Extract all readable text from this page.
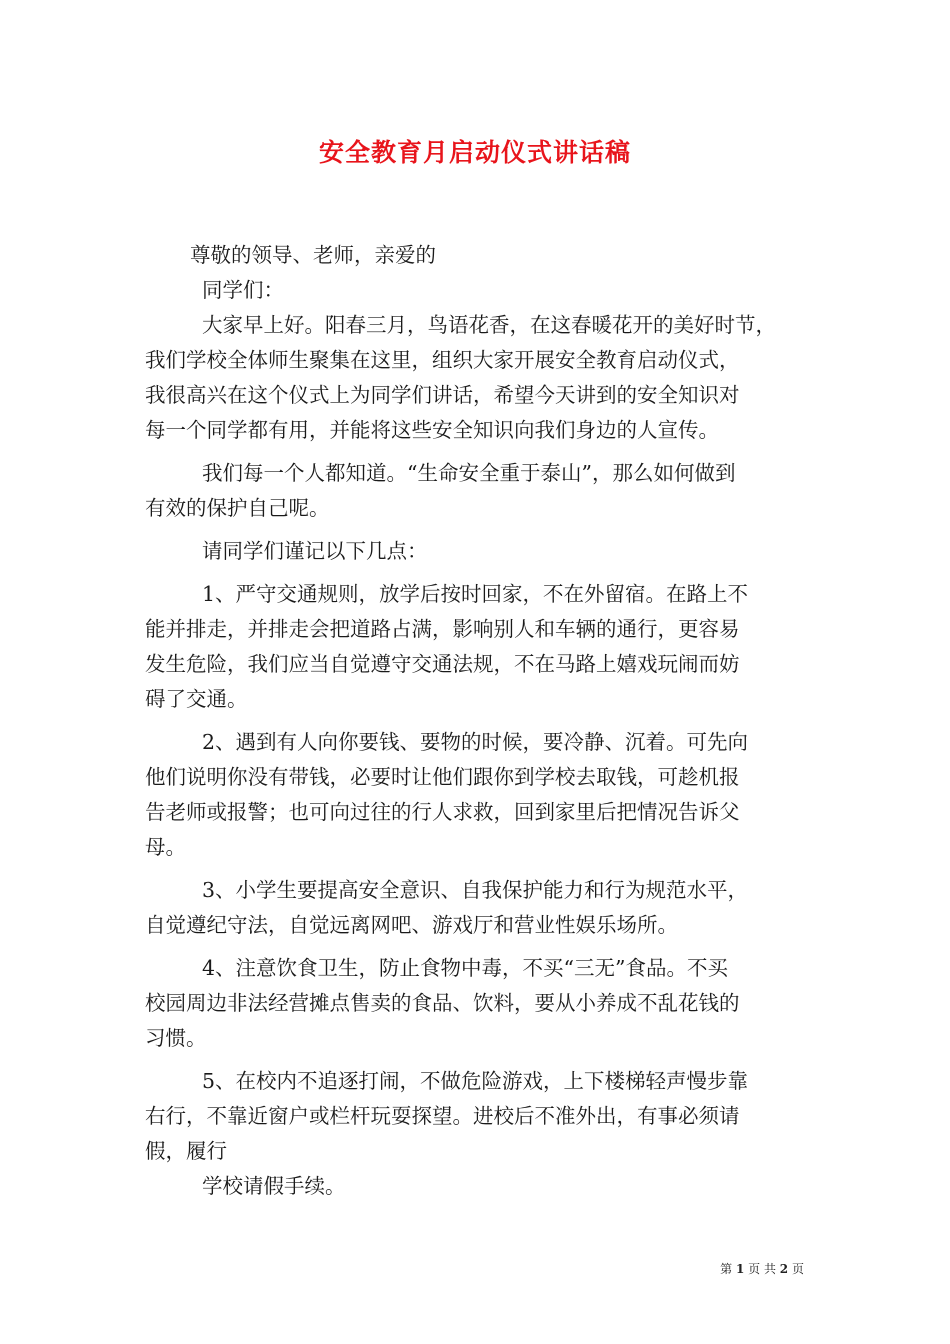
安全教育月启动仪式讲话稿
尊敬的领导、老师，亲爱的
同学们：
大家早上好。阳春三月，鸟语花香，在这春暖花开的美好时节，
我们学校全体师生聚集在这里，组织大家开展安全教育启动仪式，
我很高兴在这个仪式上为同学们讲话，希望今天讲到的安全知识对
每一个同学都有用，并能将这些安全知识向我们身边的人宣传。
我们每一个人都知道。“生命安全重于泰山”，那么如何做到
有效的保护自己呢。
请同学们谨记以下几点：
1、严守交通规则，放学后按时回家，不在外留宿。在路上不
能并排走，并排走会把道路占满，影响别人和车辆的通行，更容易
发生危险，我们应当自觉遵守交通法规，不在马路上嬉戏玩闹而妨
碍了交通。
2、遇到有人向你要钱、要物的时候，要冷静、沉着。可先向
他们说明你没有带钱，必要时让他们跟你到学校去取钱，可趁机报
告老师或报警；也可向过往的行人求救，回到家里后把情况告诉父
母。
3、小学生要提高安全意识、自我保护能力和行为规范水平，
自觉遵纪守法，自觉远离网吧、游戏厅和营业性娱乐场所。
4、注意饮食卫生，防止食物中毒，不买“三无”食品。不买
校园周边非法经营摊点售卖的食品、饮料，要从小养成不乱花钱的
习惯。
5、在校内不追逐打闹，不做危险游戏，上下楼梯轻声慢步靠
右行，不靠近窗户或栏杆玩耍探望。进校后不准外出，有事必须请
假，履行
学校请假手续。
第 1 页 共 2 页
